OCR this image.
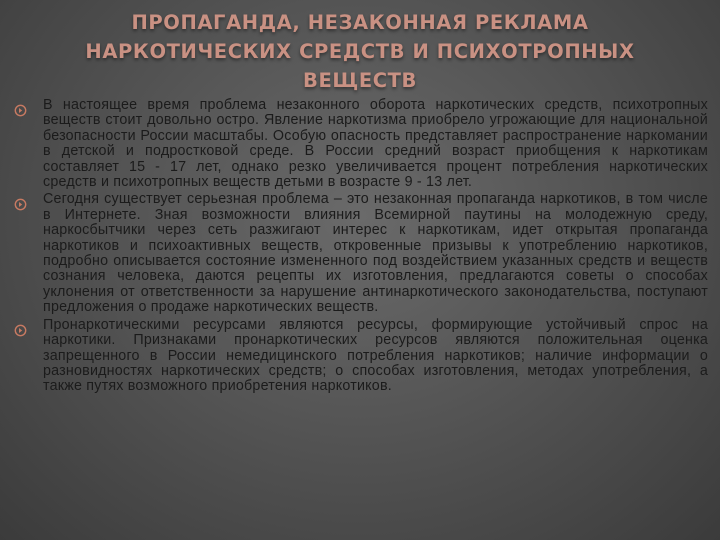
ПРОПАГАНДА, НЕЗАКОННАЯ РЕКЛАМА
НАРКОТИЧЕСКИХ СРЕДСТВ И ПСИХОТРОПНЫХ
ВЕЩЕСТВ
В настоящее время проблема незаконного оборота наркотических средств, психотропных веществ стоит довольно остро. Явление наркотизма приобрело угрожающие для национальной безопасности России масштабы. Особую опасность представляет распространение наркомании в детской и подростковой среде. В России средний возраст приобщения к наркотикам составляет 15 - 17 лет, однако резко увеличивается процент потребления наркотических средств и психотропных веществ детьми в возрасте 9 - 13 лет.
Сегодня существует серьезная проблема – это незаконная пропаганда наркотиков, в том числе в Интернете. Зная возможности влияния Всемирной паутины на молодежную среду, наркосбытчики через сеть разжигают интерес к наркотикам, идет открытая пропаганда наркотиков и психоактивных веществ, откровенные призывы к употреблению наркотиков, подробно описывается состояние измененного под воздействием указанных средств и веществ сознания человека, даются рецепты их изготовления, предлагаются советы о способах уклонения от ответственности за нарушение антинаркотического законодательства, поступают предложения о продаже наркотических веществ.
Пронаркотическими ресурсами являются ресурсы, формирующие устойчивый спрос на наркотики. Признаками пронаркотических ресурсов являются положительная оценка запрещенного в России немедицинского потребления наркотиков; наличие информации о разновидностях наркотических средств; о способах изготовления, методах употребления, а также путях возможного приобретения наркотиков.
